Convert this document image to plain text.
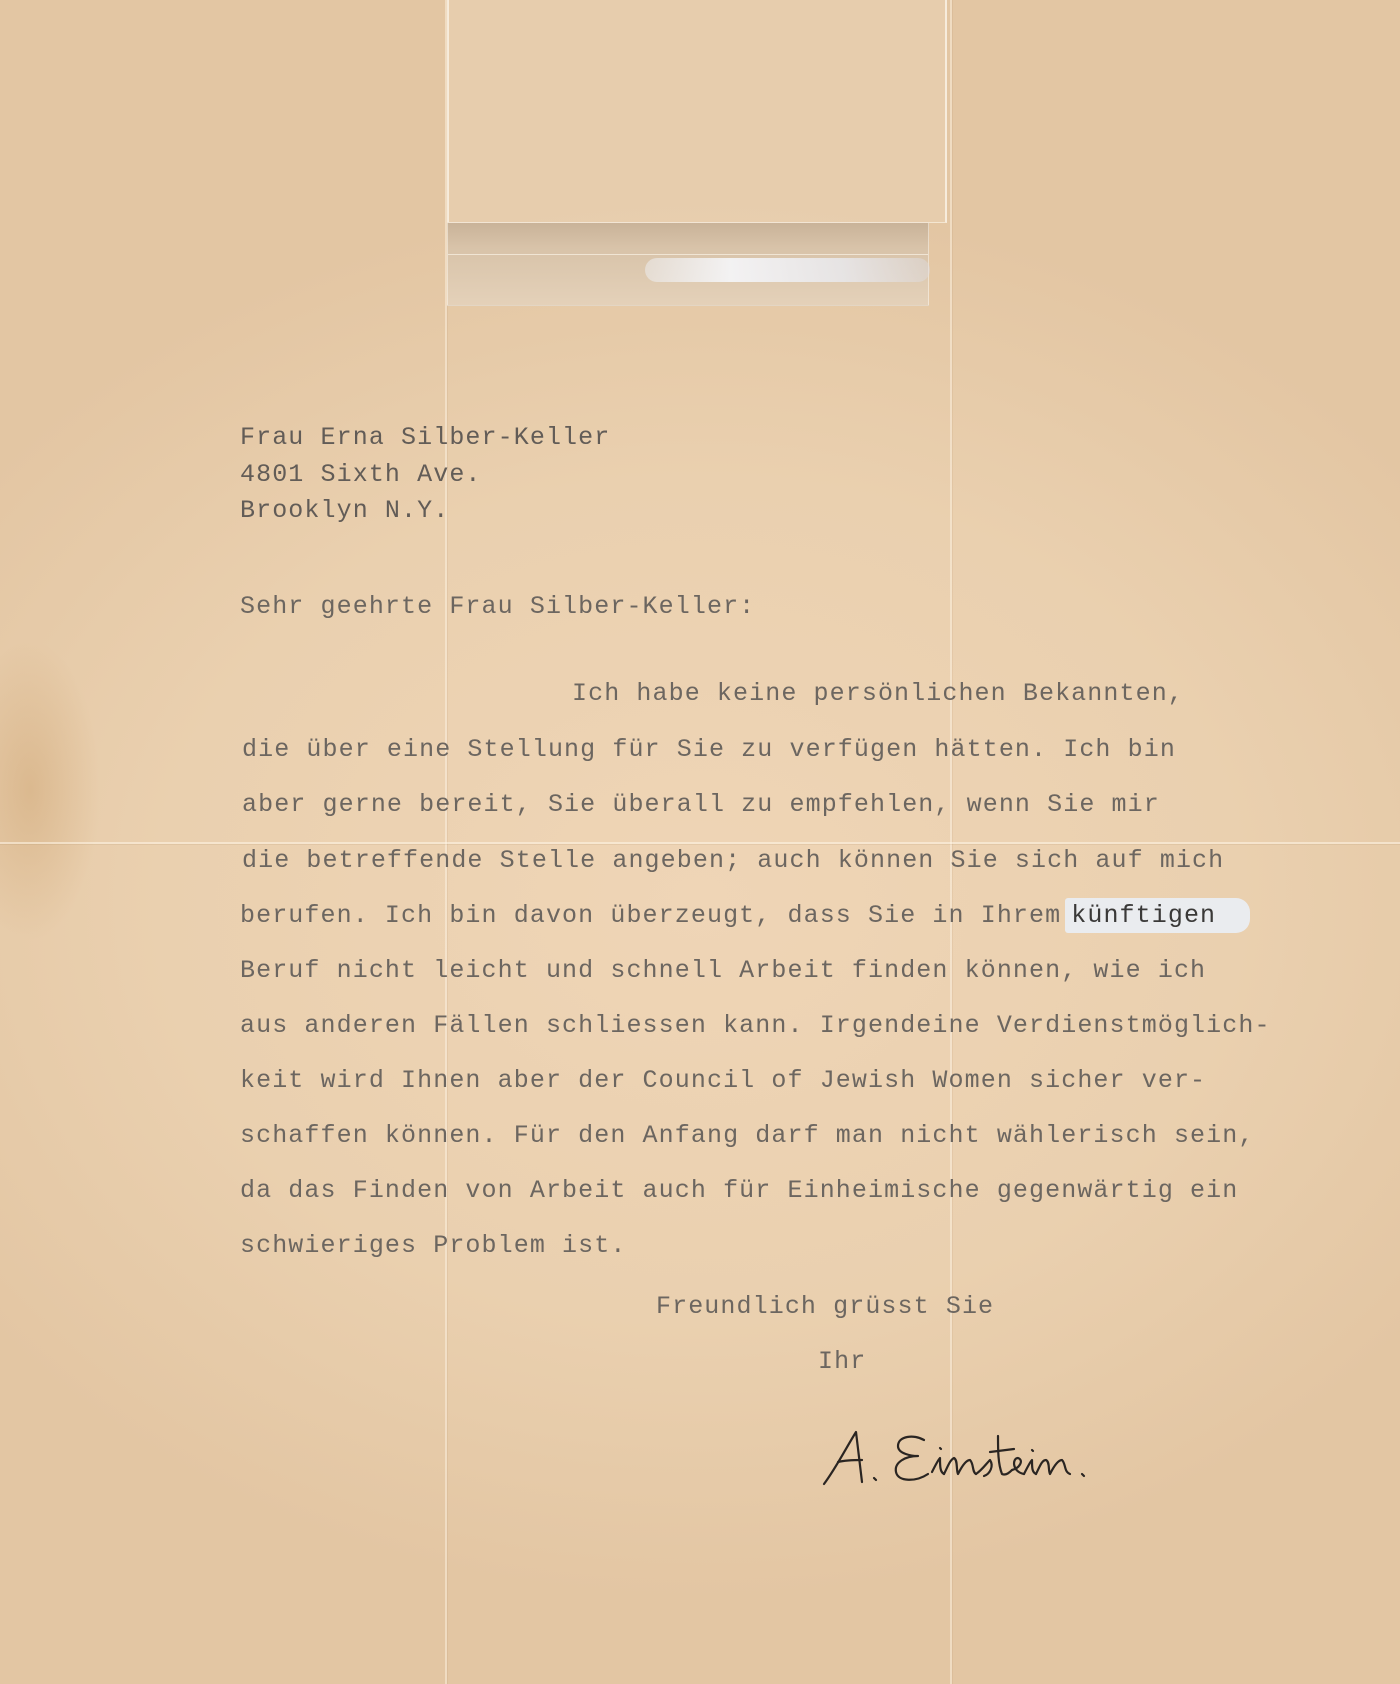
Frau Erna Silber-Keller
4801 Sixth Ave.
Brooklyn N.Y.
Sehr geehrte Frau Silber-Keller:
Ich habe keine persönlichen Bekannten,
die über eine Stellung für Sie zu verfügen hätten. Ich bin
aber gerne bereit, Sie überall zu empfehlen, wenn Sie mir
die betreffende Stelle angeben; auch können Sie sich auf mich
berufen. Ich bin davon überzeugt, dass Sie in Ihrem künftigen
Beruf nicht leicht und schnell Arbeit finden können, wie ich
aus anderen Fällen schliessen kann. Irgendeine Verdienstmöglich-
keit wird Ihnen aber der Council of Jewish Women sicher ver-
schaffen können. Für den Anfang darf man nicht wählerisch sein,
da das Finden von Arbeit auch für Einheimische gegenwärtig ein
schwieriges Problem ist.
Freundlich grüsst Sie
Ihr
